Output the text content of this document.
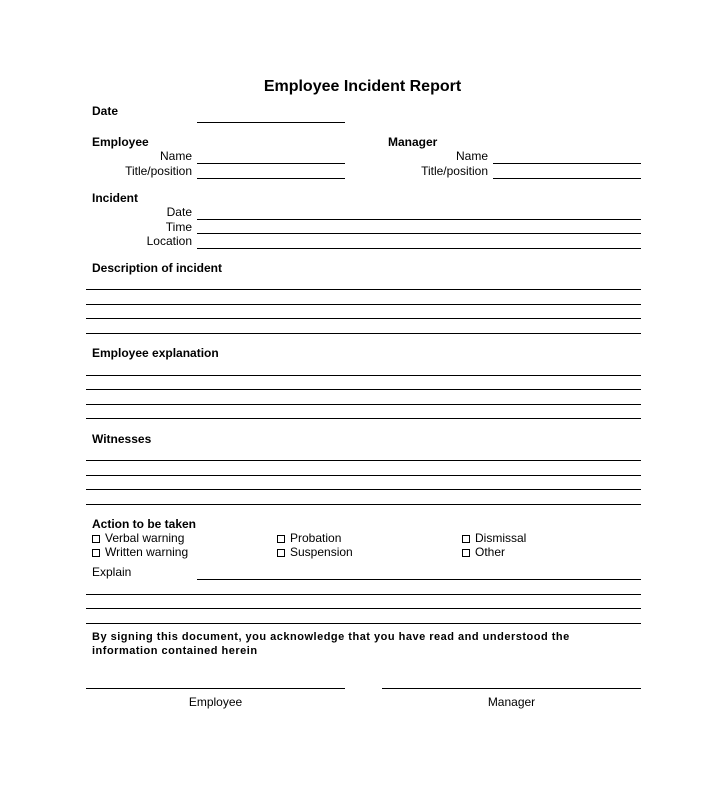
Employee Incident Report
Date
Employee
Name
Title/position
Manager
Name
Title/position
Incident
Date
Time
Location
Description of incident
Employee explanation
Witnesses
Action to be taken
Verbal warning
Written warning
Probation
Suspension
Dismissal
Other
Explain
By signing this document, you acknowledge that you have read and understood the information contained herein
Employee	Manager
